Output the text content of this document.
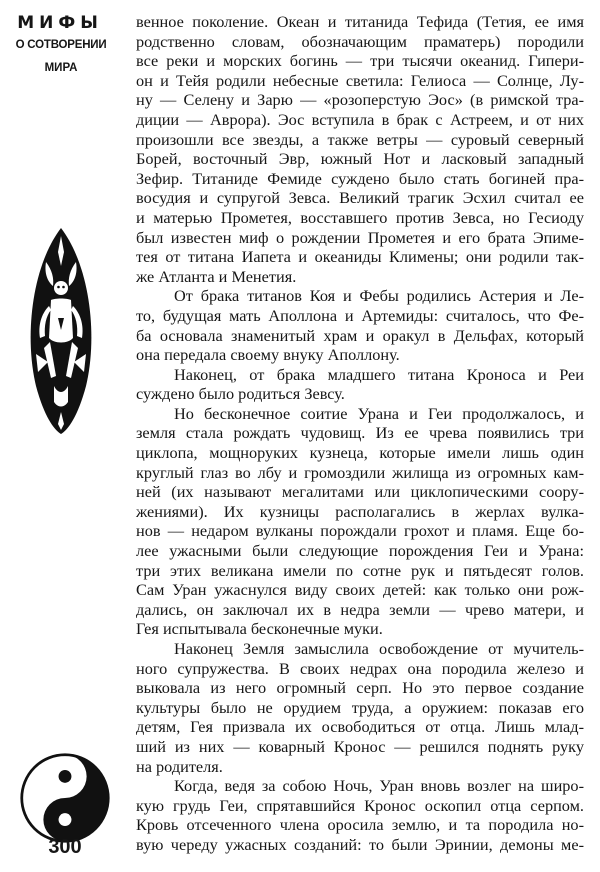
МИФЫ
О СОТВОРЕНИИ
МИРА
300
венное поколение. Океан и титанида Тефида (Тетия, ее имя
родственно словам, обозначающим праматерь) породили
все реки и морских богинь — три тысячи океанид. Гипери-
он и Тейя родили небесные светила: Гелиоса — Солнце, Лу-
ну — Селену и Зарю — «розоперстую Эос» (в римской тра-
диции — Аврора). Эос вступила в брак с Астреем, и от них
произошли все звезды, а также ветры — суровый северный
Борей, восточный Эвр, южный Нот и ласковый западный
Зефир. Титаниде Фемиде суждено было стать богиней пра-
восудия и супругой Зевса. Великий трагик Эсхил считал ее
и матерью Прометея, восставшего против Зевса, но Гесиоду
был известен миф о рождении Прометея и его брата Эпиме-
тея от титана Иапета и океаниды Климены; они родили так-
же Атланта и Менетия.
От брака титанов Коя и Фебы родились Астерия и Ле-
то, будущая мать Аполлона и Артемиды: считалось, что Фе-
ба основала знаменитый храм и оракул в Дельфах, который
она передала своему внуку Аполлону.
Наконец, от брака младшего титана Кроноса и Реи
суждено было родиться Зевсу.
Но бесконечное соитие Урана и Геи продолжалось, и
земля стала рождать чудовищ. Из ее чрева появились три
циклопа, мощноруких кузнеца, которые имели лишь один
круглый глаз во лбу и громоздили жилища из огромных кам-
ней (их называют мегалитами или циклопическими соору-
жениями). Их кузницы располагались в жерлах вулка-
нов — недаром вулканы порождали грохот и пламя. Еще бо-
лее ужасными были следующие порождения Геи и Урана:
три этих великана имели по сотне рук и пятьдесят голов.
Сам Уран ужаснулся виду своих детей: как только они рож-
дались, он заключал их в недра земли — чрево матери, и
Гея испытывала бесконечные муки.
Наконец Земля замыслила освобождение от мучитель-
ного супружества. В своих недрах она породила железо и
выковала из него огромный серп. Но это первое создание
культуры было не орудием труда, а оружием: показав его
детям, Гея призвала их освободиться от отца. Лишь млад-
ший из них — коварный Кронос — решился поднять руку
на родителя.
Когда, ведя за собою Ночь, Уран вновь возлег на широ-
кую грудь Геи, спрятавшийся Кронос оскопил отца серпом.
Кровь отсеченного члена оросила землю, и та породила но-
вую череду ужасных созданий: то были Эринии, демоны ме-
